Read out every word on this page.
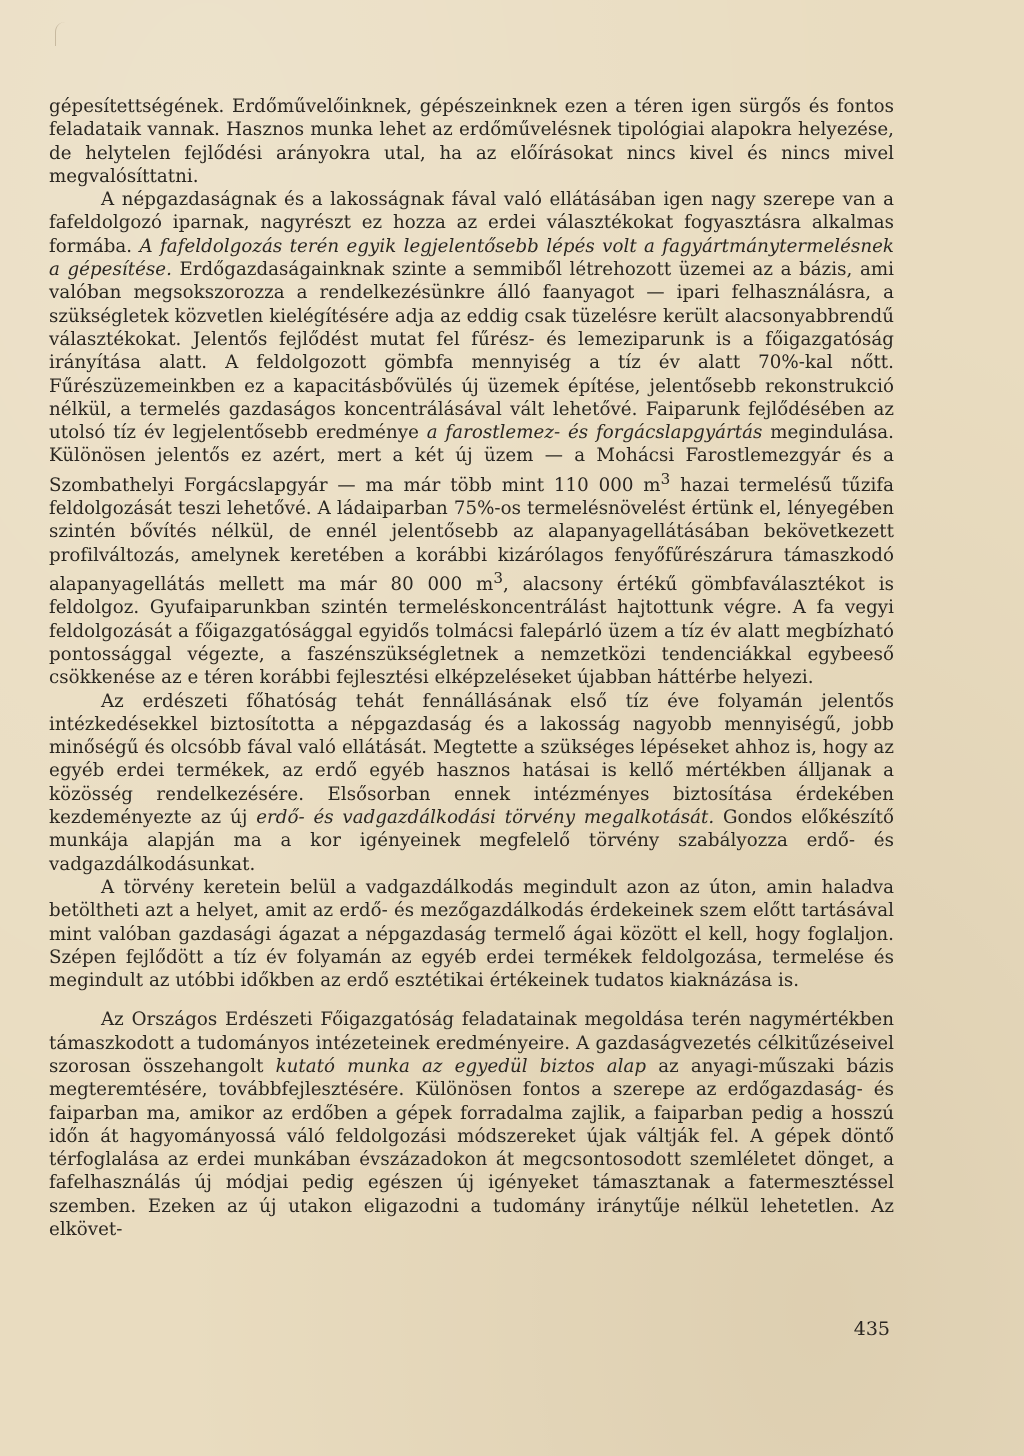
gépesítettségének. Erdőművelőinknek, gépészeinknek ezen a téren igen sürgős és fontos feladataik vannak. Hasznos munka lehet az erdőművelésnek tipológiai alapokra helyezése, de helytelen fejlődési arányokra utal, ha az előírásokat nincs kivel és nincs mivel megvalósíttatni.

A népgazdaságnak és a lakosságnak fával való ellátásában igen nagy szerepe van a fafeldolgozó iparnak, nagyrészt ez hozza az erdei választékokat fogyasztásra alkalmas formába. A fafeldolgozás terén egyik legjelentősebb lépés volt a fagyártmánytermelésnek a gépesítése. Erdőgazdaságainknak szinte a semmiből létrehozott üzemei az a bázis, ami valóban megsokszorozza a rendelkezésünkre álló faanyagot — ipari felhasználásra, a szükségletek közvetlen kielégítésére adja az eddig csak tüzelésre került alacsonyabbrendű választékokat. Jelentős fejlődést mutat fel fűrész- és lemeziparunk is a főigazgatóság irányítása alatt. A feldolgozott gömbfa mennyiség a tíz év alatt 70%-kal nőtt. Fűrészüzemeinkben ez a kapacitásbővülés új üzemek építése, jelentősebb rekonstrukció nélkül, a termelés gazdaságos koncentrálásával vált lehetővé. Faiparunk fejlődésében az utolsó tíz év legjelentősebb eredménye a farostlemez- és forgácslapgyártás megindulása. Különösen jelentős ez azért, mert a két új üzem — a Mohácsi Farostlemezgyár és a Szombathelyi Forgácslapgyár — ma már több mint 110 000 $m^3$ hazai termelésű tűzifa feldolgozását teszi lehetővé. A ládaiparban 75%-os termelésnövelést értünk el, lényegében szintén bővítés nélkül, de ennél jelentősebb az alapanyagellátásában bekövetkezett profilváltozás, amelynek keretében a korábbi kizárólagos fenyőfűrészárura támaszkodó alapanyagellátás mellett ma már 80 000 $m^3$, alacsony értékű gömbfaválasztékot is feldolgoz. Gyufaiparunkban szintén termeléskoncentrálást hajtottunk végre. A fa vegyi feldolgozását a főigazgatósággal egyidős tolmácsi falepárló üzem a tíz év alatt megbízható pontossággal végezte, a faszénszükségletnek a nemzetközi tendenciákkal egybeeső csökkenése az e téren korábbi fejlesztési elképzeléseket újabban háttérbe helyezi.

Az erdészeti főhatóság tehát fennállásának első tíz éve folyamán jelentős intézkedésekkel biztosította a népgazdaság és a lakosság nagyobb mennyiségű, jobb minőségű és olcsóbb fával való ellátását. Megtette a szükséges lépéseket ahhoz is, hogy az egyéb erdei termékek, az erdő egyéb hasznos hatásai is kellő mértékben álljanak a közösség rendelkezésére. Elsősorban ennek intézményes biztosítása érdekében kezdeményezte az új erdő- és vadgazdálkodási törvény megalkotását. Gondos előkészítő munkája alapján ma a kor igényeinek megfelelő törvény szabályozza erdő- és vadgazdálkodásunkat.

A törvény keretein belül a vadgazdálkodás megindult azon az úton, amin haladva betöltheti azt a helyet, amit az erdő- és mezőgazdálkodás érdekeinek szem előtt tartásával mint valóban gazdasági ágazat a népgazdaság termelő ágai között el kell, hogy foglaljon. Szépen fejlődött a tíz év folyamán az egyéb erdei termékek feldolgozása, termelése és megindult az utóbbi időkben az erdő esztétikai értékeinek tudatos kiaknázása is.

Az Országos Erdészeti Főigazgatóság feladatainak megoldása terén nagymértékben támaszkodott a tudományos intézeteinek eredményeire. A gazdaságvezetés célkitűzéseivel szorosan összehangolt kutató munka az egyedül biztos alap az anyagi-műszaki bázis megteremtésére, továbbfejlesztésére. Különösen fontos a szerepe az erdőgazdaság- és faiparban ma, amikor az erdőben a gépek forradalma zajlik, a faiparban pedig a hosszú időn át hagyományossá váló feldolgozási módszereket újak váltják fel. A gépek döntő térfoglalása az erdei munkában évszázadokon át megcsontosodott szemléletet dönget, a fafelhasználás új módjai pedig egészen új igényeket támasztanak a fatermesztéssel szemben. Ezeken az új utakon eligazodni a tudomány iránytűje nélkül lehetetlen. Az elkövet-

435
